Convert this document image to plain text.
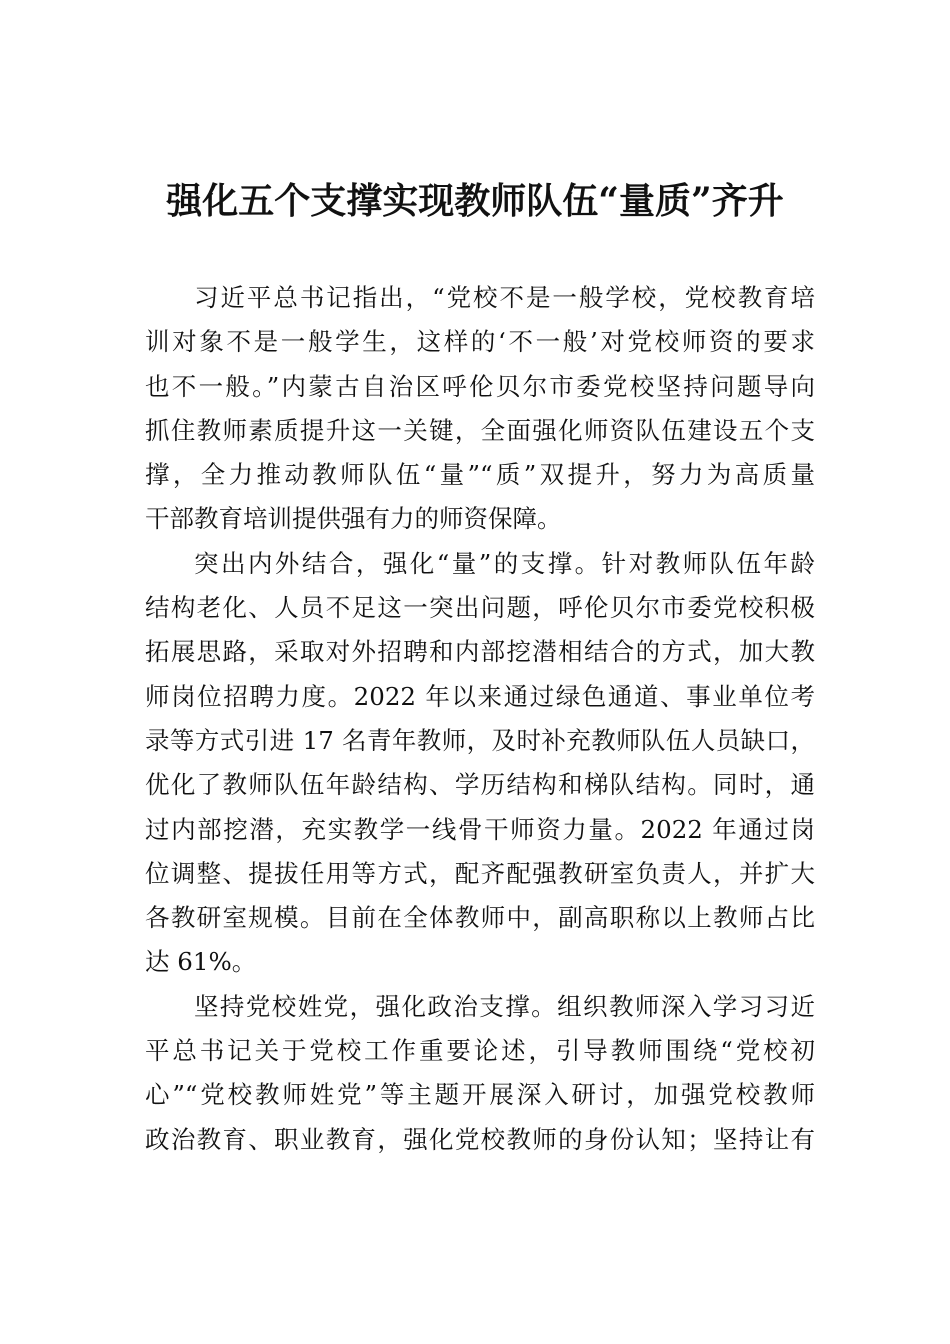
强化五个支撑实现教师队伍“量质”齐升
习近平总书记指出，“党校不是一般学校，党校教育培
训对象不是一般学生，这样的‘不一般’对党校师资的要求
也不一般。”内蒙古自治区呼伦贝尔市委党校坚持问题导向
抓住教师素质提升这一关键，全面强化师资队伍建设五个支
撑，全力推动教师队伍“量”“质”双提升，努力为高质量
干部教育培训提供强有力的师资保障。
突出内外结合，强化“量”的支撑。针对教师队伍年龄
结构老化、人员不足这一突出问题，呼伦贝尔市委党校积极
拓展思路，采取对外招聘和内部挖潜相结合的方式，加大教
师岗位招聘力度。2022 年以来通过绿色通道、事业单位考
录等方式引进 17 名青年教师，及时补充教师队伍人员缺口，
优化了教师队伍年龄结构、学历结构和梯队结构。同时，通
过内部挖潜，充实教学一线骨干师资力量。2022 年通过岗
位调整、提拔任用等方式，配齐配强教研室负责人，并扩大
各教研室规模。目前在全体教师中，副高职称以上教师占比
达 61%。
坚持党校姓党，强化政治支撑。组织教师深入学习习近
平总书记关于党校工作重要论述，引导教师围绕“党校初
心”“党校教师姓党”等主题开展深入研讨，加强党校教师
政治教育、职业教育，强化党校教师的身份认知；坚持让有
